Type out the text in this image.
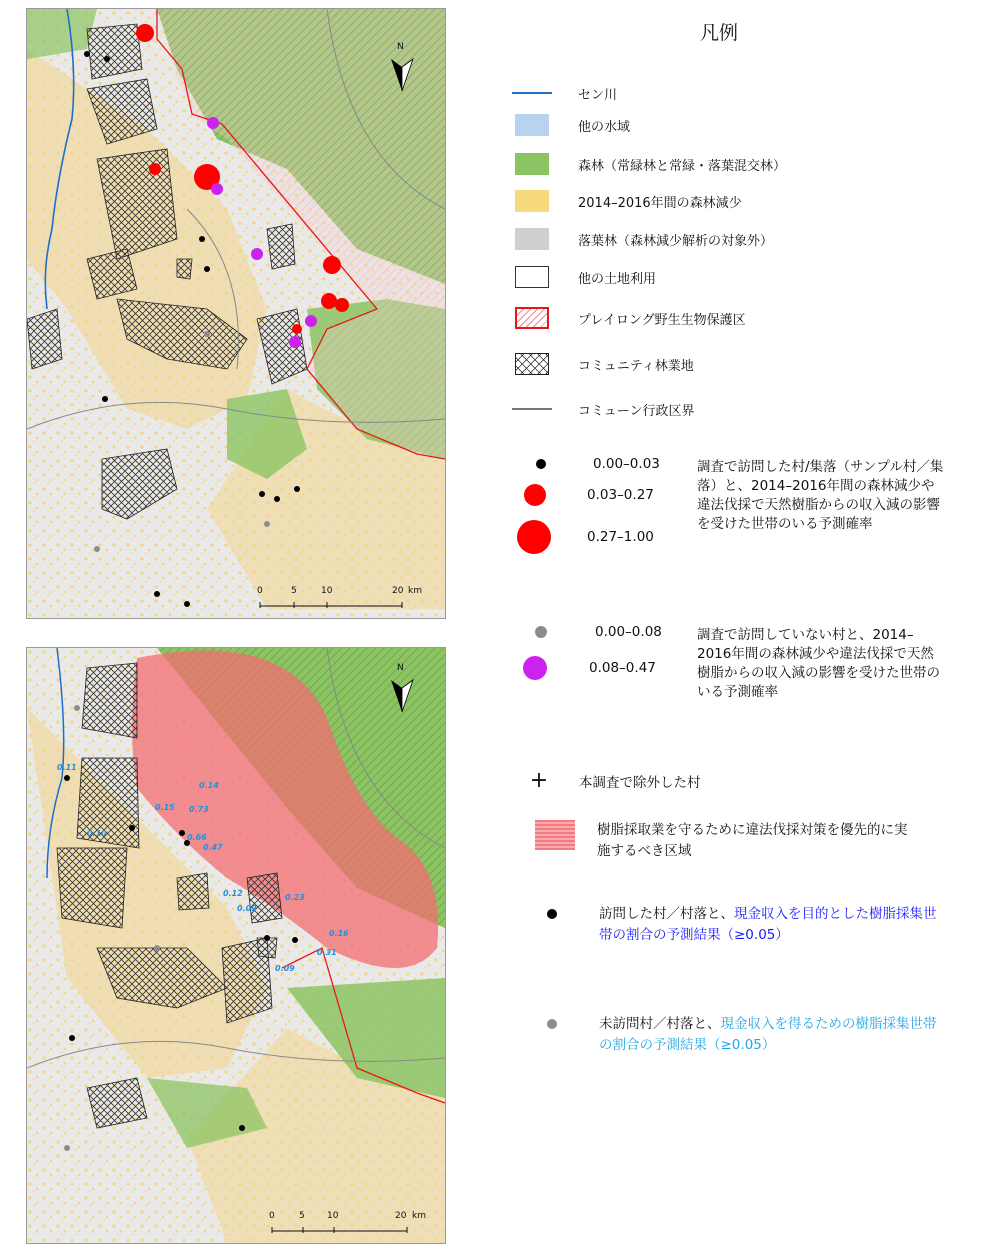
N
0	5	10	20 km
0.11
0.10
0.14
0.15 0.73
0.66
0.47
0.12
0.09
0.23
0.16
0.31
0.09
N
0	5 10	20 km
凡例
セン川
他の水域
森林（常緑林と常緑・落葉混交林）
2014–2016年間の森林減少
落葉林（森林減少解析の対象外）
他の土地利用
プレイロング野生生物保護区
コミュニティ林業地
コミューン行政区界
0.00–0.03
0.03–0.27
0.27–1.00
調査で訪問した村/集落（サンプル村／集落）と、2014–2016年間の森林減少や違法伐採で天然樹脂からの収入減の影響を受けた世帯のいる予測確率
0.00–0.08
0.08–0.47
調査で訪問していない村と、2014–2016年間の森林減少や違法伐採で天然樹脂からの収入減の影響を受けた世帯のいる予測確率
+ 本調査で除外した村
樹脂採取業を守るために違法伐採対策を優先的に実施するべき区域
訪問した村／村落と、現金収入を目的とした樹脂採集世帯の割合の予測結果（≥0.05）
未訪問村／村落と、現金収入を得るための樹脂採集世帯の割合の予測結果（≥0.05）
